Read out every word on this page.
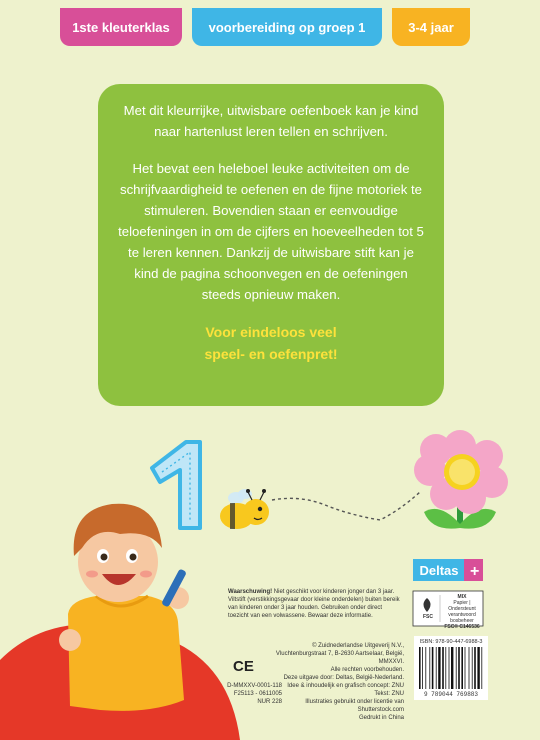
1ste kleuterklas	voorbereiding op groep 1	3-4 jaar

Met dit kleurrijke, uitwisbare oefenboek kan je kind naar hartenlust leren tellen en schrijven.

Het bevat een heleboel leuke activiteiten om de schrijfvaardigheid te oefenen en de fijne motoriek te stimuleren. Bovendien staan er eenvoudige teloefeningen in om de cijfers en hoeveelheden tot 5 te leren kennen. Dankzij de uitwisbare stift kan je kind de pagina schoonvegen en de oefeningen steeds opnieuw maken.

Voor eindeloos veel

speel- en oefenpret!

+
Deltas
FSC
MIX
Papier | Ondersteunt
verantwoord bosbeheer
FSC® C146536
Waarschuwing! Niet geschikt voor kinderen jonger dan 3 jaar. Viltstift (verstikkingsgevaar door kleine onderdelen) buiten bereik van kinderen onder 3 jaar houden. Gebruiken onder direct toezicht van een volwassene. Bewaar deze informatie.
CE
D-MMXXV-0001-118
F25113 - 0611005
NUR 228
© Zuidnederlandse Uitgeverij N.V.,
Vluchtenburgstraat 7, B-2630 Aartselaar, België, MMXXVI.
Alle rechten voorbehouden.
Deze uitgave door: Deltas, België-Nederland.
Idee & inhoudelijk en grafisch concept: ZNU
Tekst: ZNU
Illustraties gebruikt onder licentie van Shutterstock.com
Gedrukt in China
ISBN: 978-90-447-6988-3
9 789044 769883
